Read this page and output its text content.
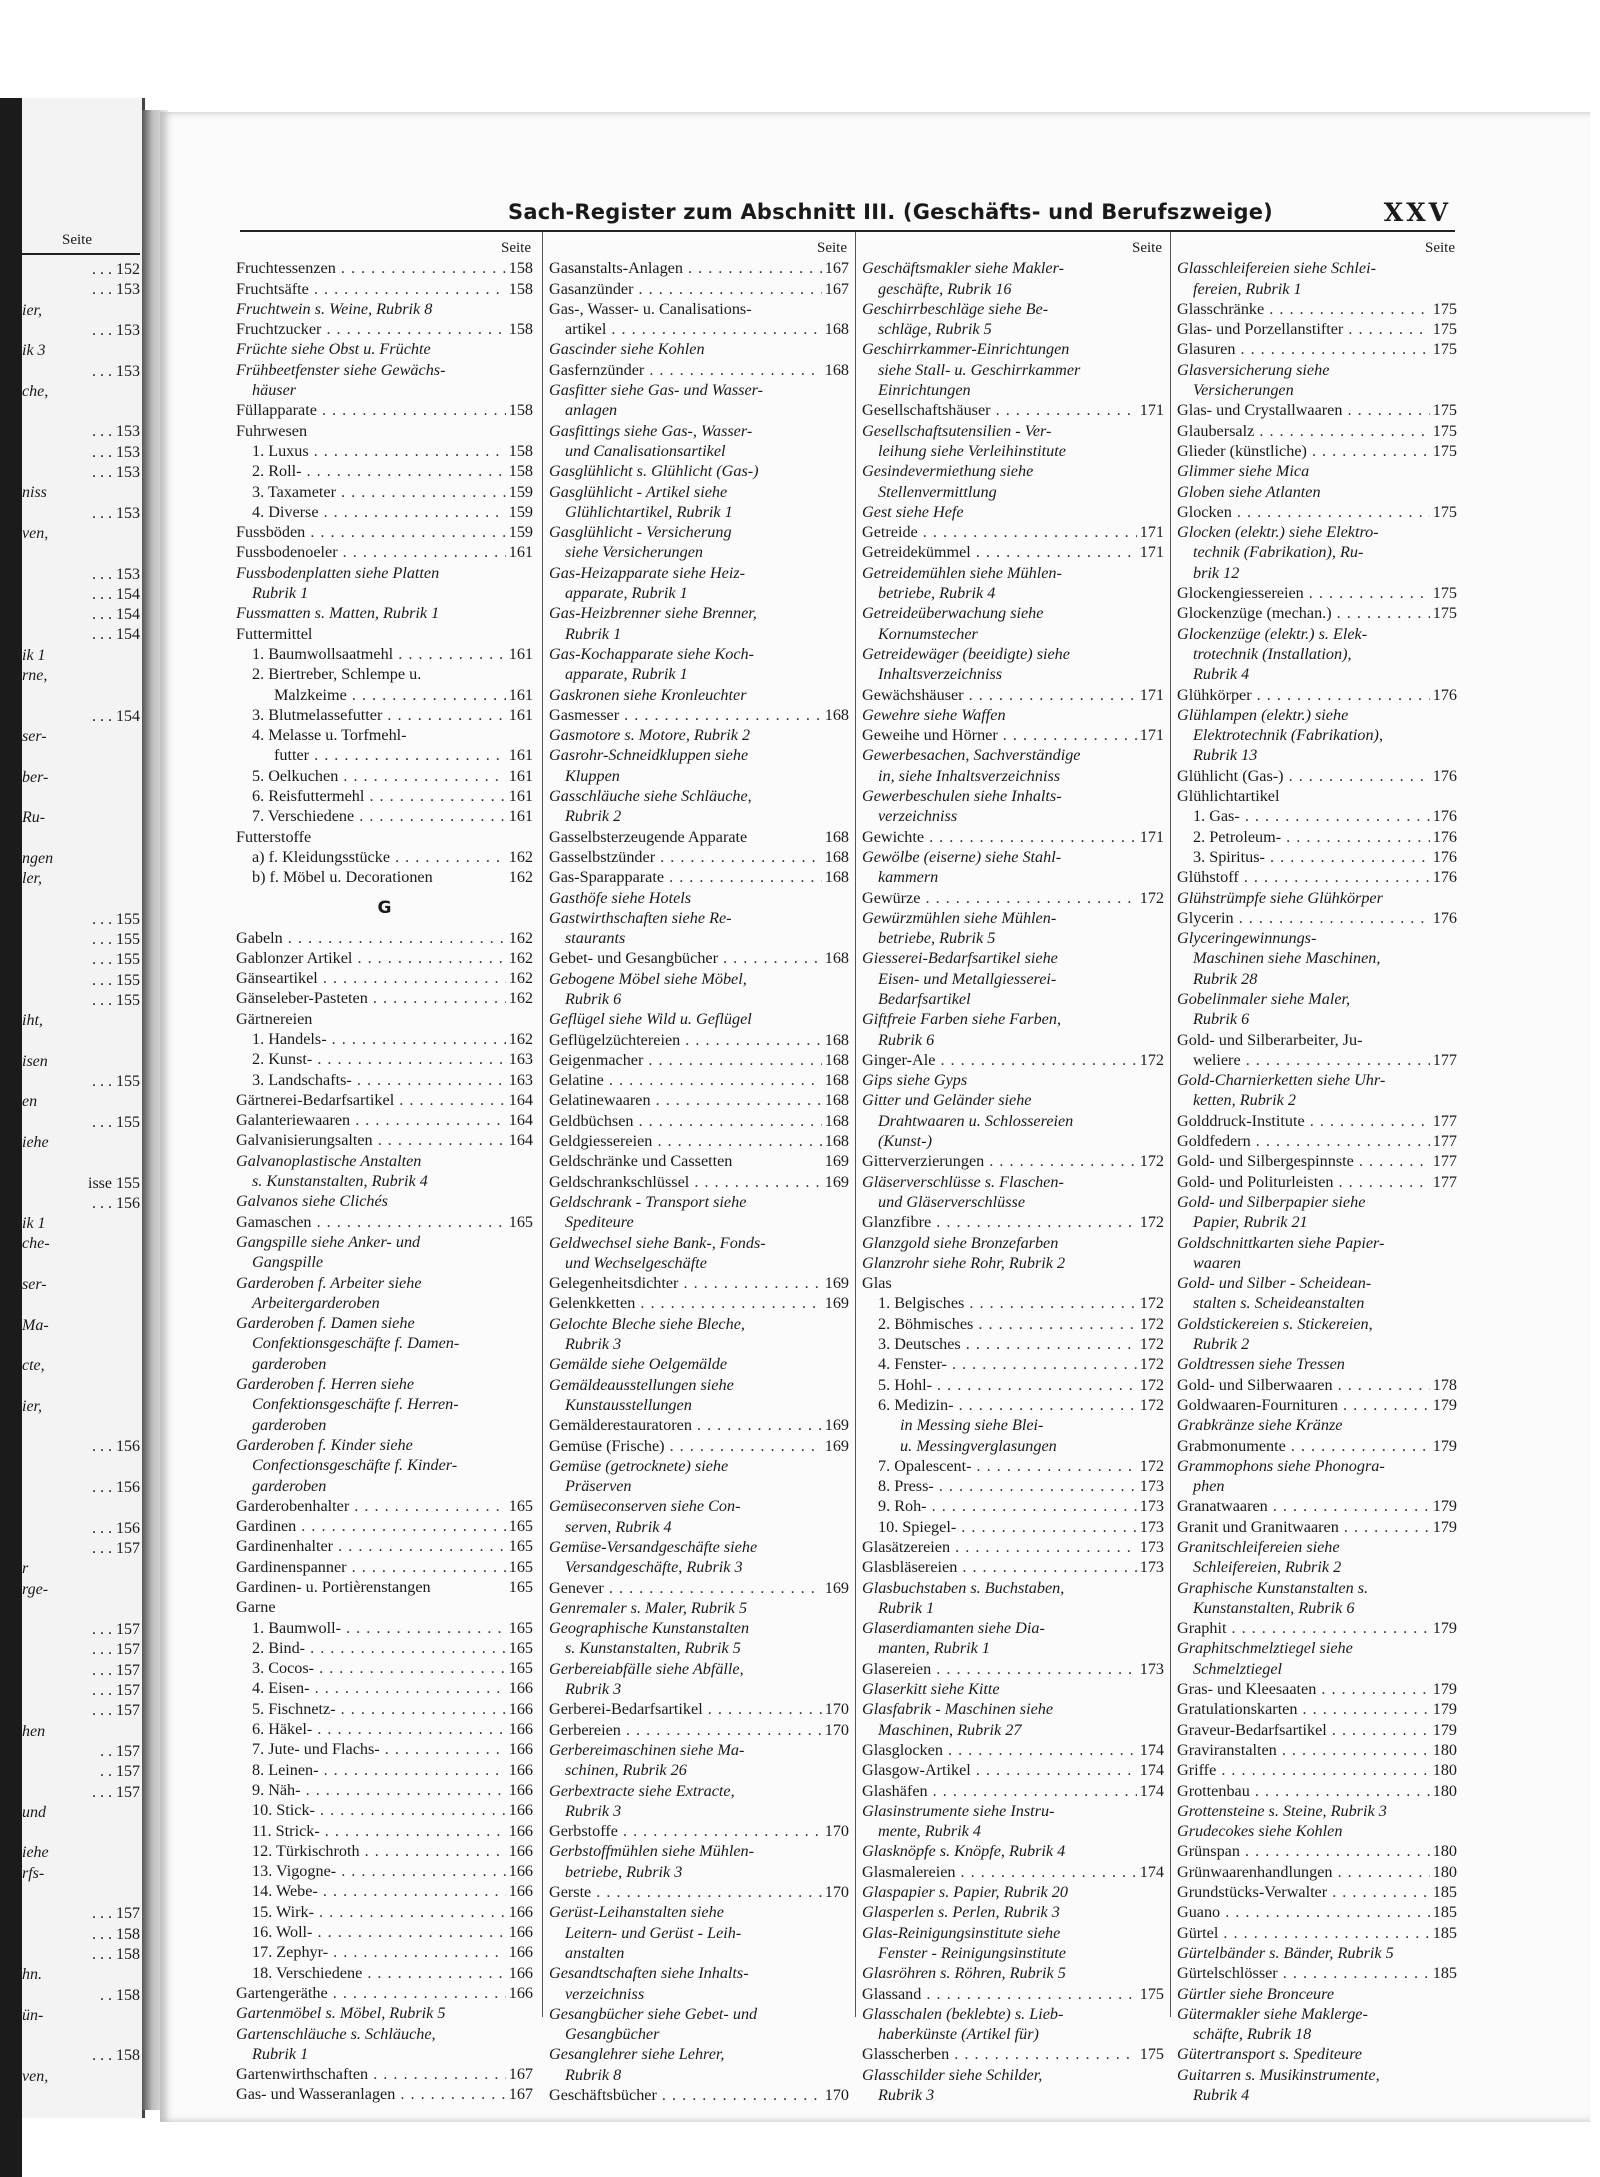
Seite
. . . 152
. . . 153
ier,
. . . 153
ik 3
. . . 153
che,
. . . 153
. . . 153
. . . 153
niss
. . . 153
ven,
. . . 153
. . . 154
. . . 154
. . . 154
ik 1
rne,
. . . 154
ser-
ber-
Ru-
ngen
ler,
. . . 155
. . . 155
. . . 155
. . . 155
. . . 155
iht,
isen
. . . 155
en
. . . 155
iehe
isse 155
. . . 156
ik 1
che-
ser-
Ma-
cte,
ier,
. . . 156
. . . 156
. . . 156
. . . 157
r
rge-
. . . 157
. . . 157
. . . 157
. . . 157
. . . 157
hen
. . 157
. . 157
. . . 157
und
iehe
rfs-
. . . 157
. . . 158
. . . 158
hn.
. . 158
ün-
. . . 158
ven,
Sach-Register zum Abschnitt III. (Geschäfts- und Berufszweige)	XXV
Seite
Fruchtessenzen . . .	158
Fruchtsäfte . . .	158
Fruchtwein s. Weine, Rubrik 8
Fruchtzucker . . .	158
Früchte siehe Obst u. Früchte
Frühbeetfenster siehe Gewächs-
häuser
Füllapparate . . .	158
Fuhrwesen
1. Luxus . . .	158
2. Roll- . . .	158
3. Taxameter . . .	159
4. Diverse . . .	159
Fussböden . . .	159
Fussbodenoeler . . .	161
Fussbodenplatten siehe Platten
Rubrik 1
Fussmatten s. Matten, Rubrik 1
Futtermittel
1. Baumwollsaatmehl . . .	161
2. Biertreber, Schlempe u.
Malzkeime . . .	161
3. Blutmelassefutter . . .	161
4. Melasse u. Torfmehl-
futter . . .	161
5. Oelkuchen . . .	161
6. Reisfuttermehl . . .	161
7. Verschiedene . . .	161
Futterstoffe
a) f. Kleidungsstücke . . .	162
b) f. Möbel u. Decorationen	162
G
Gabeln . . .	162
Gablonzer Artikel . . .	162
Gänseartikel . . .	162
Gänseleber-Pasteten . . .	162
Gärtnereien
1. Handels- . . .	162
2. Kunst- . . .	163
3. Landschafts- . . .	163
Gärtnerei-Bedarfsartikel . . .	164
Galanteriewaaren . . .	164
Galvanisierungsalten . . .	164
Galvanoplastische Anstalten
s. Kunstanstalten, Rubrik 4
Galvanos siehe Clichés
Gamaschen . . .	165
Gangspille siehe Anker- und
Gangspille
Garderoben f. Arbeiter siehe
Arbeitergarderoben
Garderoben f. Damen siehe
Confektionsgeschäfte f. Damen-
garderoben
Garderoben f. Herren siehe
Confektionsgeschäfte f. Herren-
garderoben
Garderoben f. Kinder siehe
Confectionsgeschäfte f. Kinder-
garderoben
Garderobenhalter . . .	165
Gardinen . . .	165
Gardinenhalter . . .	165
Gardinenspanner . . .	165
Gardinen- u. Portièrenstangen	165
Garne
1. Baumwoll- . . .	165
2. Bind- . . .	165
3. Cocos- . . .	165
4. Eisen- . . .	166
5. Fischnetz- . . .	166
6. Häkel- . . .	166
7. Jute- und Flachs- . . .	166
8. Leinen- . . .	166
9. Näh- . . .	166
10. Stick- . . .	166
11. Strick- . . .	166
12. Türkischroth . . .	166
13. Vigogne- . . .	166
14. Webe- . . .	166
15. Wirk- . . .	166
16. Woll- . . .	166
17. Zephyr- . . .	166
18. Verschiedene . . .	166
Gartengeräthe . . .	166
Gartenmöbel s. Möbel, Rubrik 5
Gartenschläuche s. Schläuche,
Rubrik 1
Gartenwirthschaften . . .	167
Gas- und Wasseranlagen . . .	167
Seite
Gasanstalts-Anlagen . . .	167
Gasanzünder . . .	167
Gas-, Wasser- u. Canalisations-
artikel . . .	168
Gascinder siehe Kohlen
Gasfernzünder . . .	168
Gasfitter siehe Gas- und Wasser-
anlagen
Gasfittings siehe Gas-, Wasser-
und Canalisationsartikel
Gasglühlicht s. Glühlicht (Gas-)
Gasglühlicht - Artikel siehe
Glühlichtartikel, Rubrik 1
Gasglühlicht - Versicherung
siehe Versicherungen
Gas-Heizapparate siehe Heiz-
apparate, Rubrik 1
Gas-Heizbrenner siehe Brenner,
Rubrik 1
Gas-Kochapparate siehe Koch-
apparate, Rubrik 1
Gaskronen siehe Kronleuchter
Gasmesser . . .	168
Gasmotore s. Motore, Rubrik 2
Gasrohr-Schneidkluppen siehe
Kluppen
Gasschläuche siehe Schläuche,
Rubrik 2
Gasselbsterzeugende Apparate	168
Gasselbstzünder . . .	168
Gas-Sparapparate . . .	168
Gasthöfe siehe Hotels
Gastwirthschaften siehe Re-
staurants
Gebet- und Gesangbücher . . .	168
Gebogene Möbel siehe Möbel,
Rubrik 6
Geflügel siehe Wild u. Geflügel
Geflügelzüchtereien . . .	168
Geigenmacher . . .	168
Gelatine . . .	168
Gelatinewaaren . . .	168
Geldbüchsen . . .	168
Geldgiessereien . . .	168
Geldschränke und Cassetten	169
Geldschrankschlüssel . . .	169
Geldschrank - Transport siehe
Spediteure
Geldwechsel siehe Bank-, Fonds-
und Wechselgeschäfte
Gelegenheitsdichter . . .	169
Gelenkketten . . .	169
Gelochte Bleche siehe Bleche,
Rubrik 3
Gemälde siehe Oelgemälde
Gemäldeausstellungen siehe
Kunstausstellungen
Gemälderestauratoren . . .	169
Gemüse (Frische) . . .	169
Gemüse (getrocknete) siehe
Präserven
Gemüseconserven siehe Con-
serven, Rubrik 4
Gemüse-Versandgeschäfte siehe
Versandgeschäfte, Rubrik 3
Genever . . .	169
Genremaler s. Maler, Rubrik 5
Geographische Kunstanstalten
s. Kunstanstalten, Rubrik 5
Gerbereiabfälle siehe Abfälle,
Rubrik 3
Gerberei-Bedarfsartikel . . .	170
Gerbereien . . .	170
Gerbereimaschinen siehe Ma-
schinen, Rubrik 26
Gerbextracte siehe Extracte,
Rubrik 3
Gerbstoffe . . .	170
Gerbstoffmühlen siehe Mühlen-
betriebe, Rubrik 3
Gerste . . .	170
Gerüst-Leihanstalten siehe
Leitern- und Gerüst - Leih-
anstalten
Gesandtschaften siehe Inhalts-
verzeichniss
Gesangbücher siehe Gebet- und
Gesangbücher
Gesanglehrer siehe Lehrer,
Rubrik 8
Geschäftsbücher . . .	170
Seite
Geschäftsmakler siehe Makler-
geschäfte, Rubrik 16
Geschirrbeschläge siehe Be-
schläge, Rubrik 5
Geschirrkammer-Einrichtungen
siehe Stall- u. Geschirrkammer
Einrichtungen
Gesellschaftshäuser . . .	171
Gesellschaftsutensilien - Ver-
leihung siehe Verleihinstitute
Gesindevermiethung siehe
Stellenvermittlung
Gest siehe Hefe
Getreide . . .	171
Getreidekümmel . . .	171
Getreidemühlen siehe Mühlen-
betriebe, Rubrik 4
Getreideüberwachung siehe
Kornumstecher
Getreidewäger (beeidigte) siehe
Inhaltsverzeichniss
Gewächshäuser . . .	171
Gewehre siehe Waffen
Geweihe und Hörner . . .	171
Gewerbesachen, Sachverständige
in, siehe Inhaltsverzeichniss
Gewerbeschulen siehe Inhalts-
verzeichniss
Gewichte . . .	171
Gewölbe (eiserne) siehe Stahl-
kammern
Gewürze . . .	172
Gewürzmühlen siehe Mühlen-
betriebe, Rubrik 5
Giesserei-Bedarfsartikel siehe
Eisen- und Metallgiesserei-
Bedarfsartikel
Giftfreie Farben siehe Farben,
Rubrik 6
Ginger-Ale . . .	172
Gips siehe Gyps
Gitter und Geländer siehe
Drahtwaaren u. Schlossereien
(Kunst-)
Gitterverzierungen . . .	172
Gläserverschlüsse s. Flaschen-
und Gläserverschlüsse
Glanzfibre . . .	172
Glanzgold siehe Bronzefarben
Glanzrohr siehe Rohr, Rubrik 2
Glas
1. Belgisches . . .	172
2. Böhmisches . . .	172
3. Deutsches . . .	172
4. Fenster- . . .	172
5. Hohl- . . .	172
6. Medizin- . . .	172
in Messing siehe Blei-
u. Messingverglasungen
7. Opalescent- . . .	172
8. Press- . . .	173
9. Roh- . . .	173
10. Spiegel- . . .	173
Glasätzereien . . .	173
Glasbläsereien . . .	173
Glasbuchstaben s. Buchstaben,
Rubrik 1
Glaserdiamanten siehe Dia-
manten, Rubrik 1
Glasereien . . .	173
Glaserkitt siehe Kitte
Glasfabrik - Maschinen siehe
Maschinen, Rubrik 27
Glasglocken . . .	174
Glasgow-Artikel . . .	174
Glashäfen . . .	174
Glasinstrumente siehe Instru-
mente, Rubrik 4
Glasknöpfe s. Knöpfe, Rubrik 4
Glasmalereien . . .	174
Glaspapier s. Papier, Rubrik 20
Glasperlen s. Perlen, Rubrik 3
Glas-Reinigungsinstitute siehe
Fenster - Reinigungsinstitute
Glasröhren s. Röhren, Rubrik 5
Glassand . . .	175
Glasschalen (beklebte) s. Lieb-
haberkünste (Artikel für)
Glasscherben . . .	175
Glasschilder siehe Schilder,
Rubrik 3
Seite
Glasschleifereien siehe Schlei-
fereien, Rubrik 1
Glasschränke . . .	175
Glas- und Porzellanstifter . . .	175
Glasuren . . .	175
Glasversicherung siehe
Versicherungen
Glas- und Crystallwaaren . . .	175
Glaubersalz . . .	175
Glieder (künstliche) . . .	175
Glimmer siehe Mica
Globen siehe Atlanten
Glocken . . .	175
Glocken (elektr.) siehe Elektro-
technik (Fabrikation), Ru-
brik 12
Glockengiessereien . . .	175
Glockenzüge (mechan.) . . .	175
Glockenzüge (elektr.) s. Elek-
trotechnik (Installation),
Rubrik 4
Glühkörper . . .	176
Glühlampen (elektr.) siehe
Elektrotechnik (Fabrikation),
Rubrik 13
Glühlicht (Gas-) . . .	176
Glühlichtartikel
1. Gas- . . .	176
2. Petroleum- . . .	176
3. Spiritus- . . .	176
Glühstoff . . .	176
Glühstrümpfe siehe Glühkörper
Glycerin . . .	176
Glyceringewinnungs-
Maschinen siehe Maschinen,
Rubrik 28
Gobelinmaler siehe Maler,
Rubrik 6
Gold- und Silberarbeiter, Ju-
weliere . . .	177
Gold-Charnierketten siehe Uhr-
ketten, Rubrik 2
Golddruck-Institute . . .	177
Goldfedern . . .	177
Gold- und Silbergespinnste . . .	177
Gold- und Politurleisten . . .	177
Gold- und Silberpapier siehe
Papier, Rubrik 21
Goldschnittkarten siehe Papier-
waaren
Gold- und Silber - Scheidean-
stalten s. Scheideanstalten
Goldstickereien s. Stickereien,
Rubrik 2
Goldtressen siehe Tressen
Gold- und Silberwaaren . . .	178
Goldwaaren-Fournituren . . .	179
Grabkränze siehe Kränze
Grabmonumente . . .	179
Grammophons siehe Phonogra-
phen
Granatwaaren . . .	179
Granit und Granitwaaren . . .	179
Granitschleifereien siehe
Schleifereien, Rubrik 2
Graphische Kunstanstalten s.
Kunstanstalten, Rubrik 6
Graphit . . .	179
Graphitschmelztiegel siehe
Schmelztiegel
Gras- und Kleesaaten . . .	179
Gratulationskarten . . .	179
Graveur-Bedarfsartikel . . .	179
Graviranstalten . . .	180
Griffe . . .	180
Grottenbau . . .	180
Grottensteine s. Steine, Rubrik 3
Grudecokes siehe Kohlen
Grünspan . . .	180
Grünwaarenhandlungen . . .	180
Grundstücks-Verwalter . . .	185
Guano . . .	185
Gürtel . . .	185
Gürtelbänder s. Bänder, Rubrik 5
Gürtelschlösser . . .	185
Gürtler siehe Bronceure
Gütermakler siehe Maklerge-
schäfte, Rubrik 18
Gütertransport s. Spediteure
Guitarren s. Musikinstrumente,
Rubrik 4
